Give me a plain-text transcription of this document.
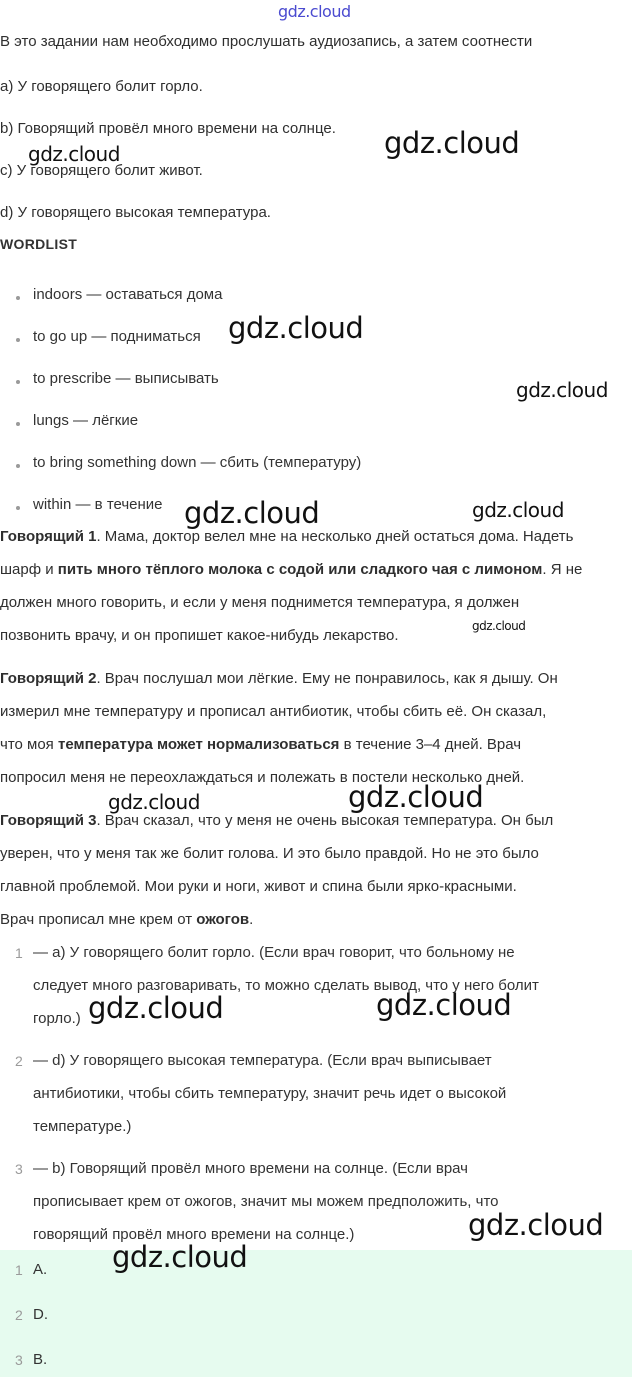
gdz.cloud
В это задании нам необходимо прослушать аудиозапись, а затем соотнести
a) У говорящего болит горло.
b) Говорящий провёл много времени на солнце.
c) У говорящего болит живот.
d) У говорящего высокая температура.
WORDLIST
indoors — оставаться дома
to go up — подниматься
to prescribe — выписывать
lungs — лёгкие
to bring something down — сбить (температуру)
within — в течение
Говорящий 1. Мама, доктор велел мне на несколько дней остаться дома. Надеть
шарф и пить много тёплого молока с содой или сладкого чая с лимоном. Я не
должен много говорить, и если у меня поднимется температура, я должен
позвонить врачу, и он пропишет какое-нибудь лекарство.
Говорящий 2. Врач послушал мои лёгкие. Ему не понравилось, как я дышу. Он
измерил мне температуру и прописал антибиотик, чтобы сбить её. Он сказал,
что моя температура может нормализоваться в течение 3–4 дней. Врач
попросил меня не переохлаждаться и полежать в постели несколько дней.
Говорящий 3. Врач сказал, что у меня не очень высокая температура. Он был
уверен, что у меня так же болит голова. И это было правдой. Но не это было
главной проблемой. Мои руки и ноги, живот и спина были ярко-красными.
Врач прописал мне крем от ожогов.
1 — a) У говорящего болит горло. (Если врач говорит, что больному не
следует много разговаривать, то можно сделать вывод, что у него болит
горло.)
2 — d) У говорящего высокая температура. (Если врач выписывает
антибиотики, чтобы сбить температуру, значит речь идет о высокой
температуре.)
3 — b) Говорящий провёл много времени на солнце. (Если врач
прописывает крем от ожогов, значит мы можем предположить, что
говорящий провёл много времени на солнце.)
1 A.
2 D.
3 B.
gdz.cloud
gdz.cloud
gdz.cloud
gdz.cloud
gdz.cloud	gdz.cloud
gdz.cloud
gdz.cloud	gdz.cloud
gdz.cloud	gdz.cloud
gdz.cloud
gdz.cloud
